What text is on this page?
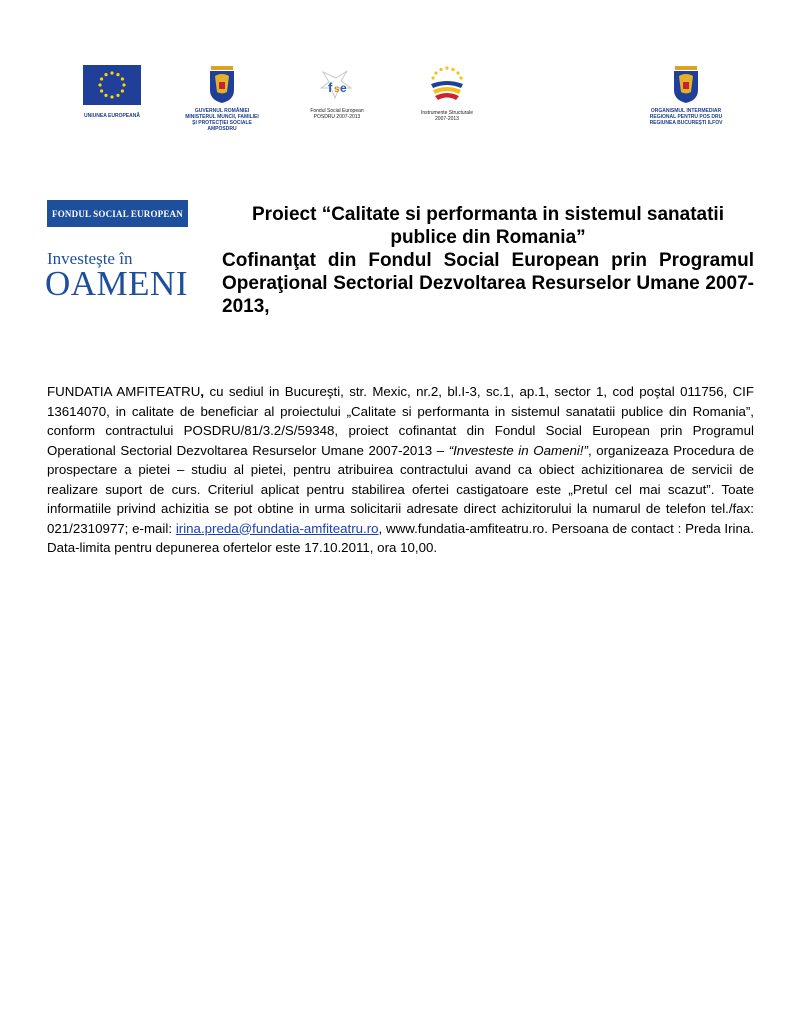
UNIUNEA EUROPEANĂ
GUVERNUL ROMÂNIEI
MINISTERUL MUNCII, FAMILIEI
ŞI PROTECŢIEI SOCIALE
AMPOSDRU
f s e
Fondul Social European
POSDRU 2007-2013
Instrumente Structurale
2007-2013
ORGANISMUL INTERMEDIAR
REGIONAL PENTRU POS DRU
REGIUNEA BUCUREŞTI ILFOV
FONDUL SOCIAL EUROPEAN
Investeşte în
OAMENI

Proiect “Calitate si performanta in sistemul sanatatii publice din Romania”

Cofinanţat din Fondul Social European prin Programul Operaţional Sectorial Dezvoltarea Resurselor Umane 2007- 2013,

FUNDATIA AMFITEATRU, cu sediul in Bucureşti, str. Mexic, nr.2, bl.I-3, sc.1, ap.1, sector 1, cod poştal 011756, CIF 13614070, in calitate de beneficiar al proiectului „Calitate si performanta in sistemul sanatatii publice din Romania”, conform contractului POSDRU/81/3.2/S/59348, proiect cofinantat din Fondul Social European prin Programul Operational Sectorial Dezvoltarea Resurselor Umane 2007-2013 – “Investeste in Oameni!”, organizeaza Procedura de prospectare a pietei – studiu al pietei, pentru atribuirea contractului avand ca obiect achizitionarea de servicii de realizare suport de curs. Criteriul aplicat pentru stabilirea ofertei castigatoare este „Pretul cel mai scazut”. Toate informatiile privind achizitia se pot obtine in urma solicitarii adresate direct achizitorului la numarul de telefon tel./fax: 021/2310977; e-mail: irina.preda@fundatia-amfiteatru.ro, www.fundatia-amfiteatru.ro. Persoana de contact : Preda Irina. Data-limita pentru depunerea ofertelor este 17.10.2011, ora 10,00.
